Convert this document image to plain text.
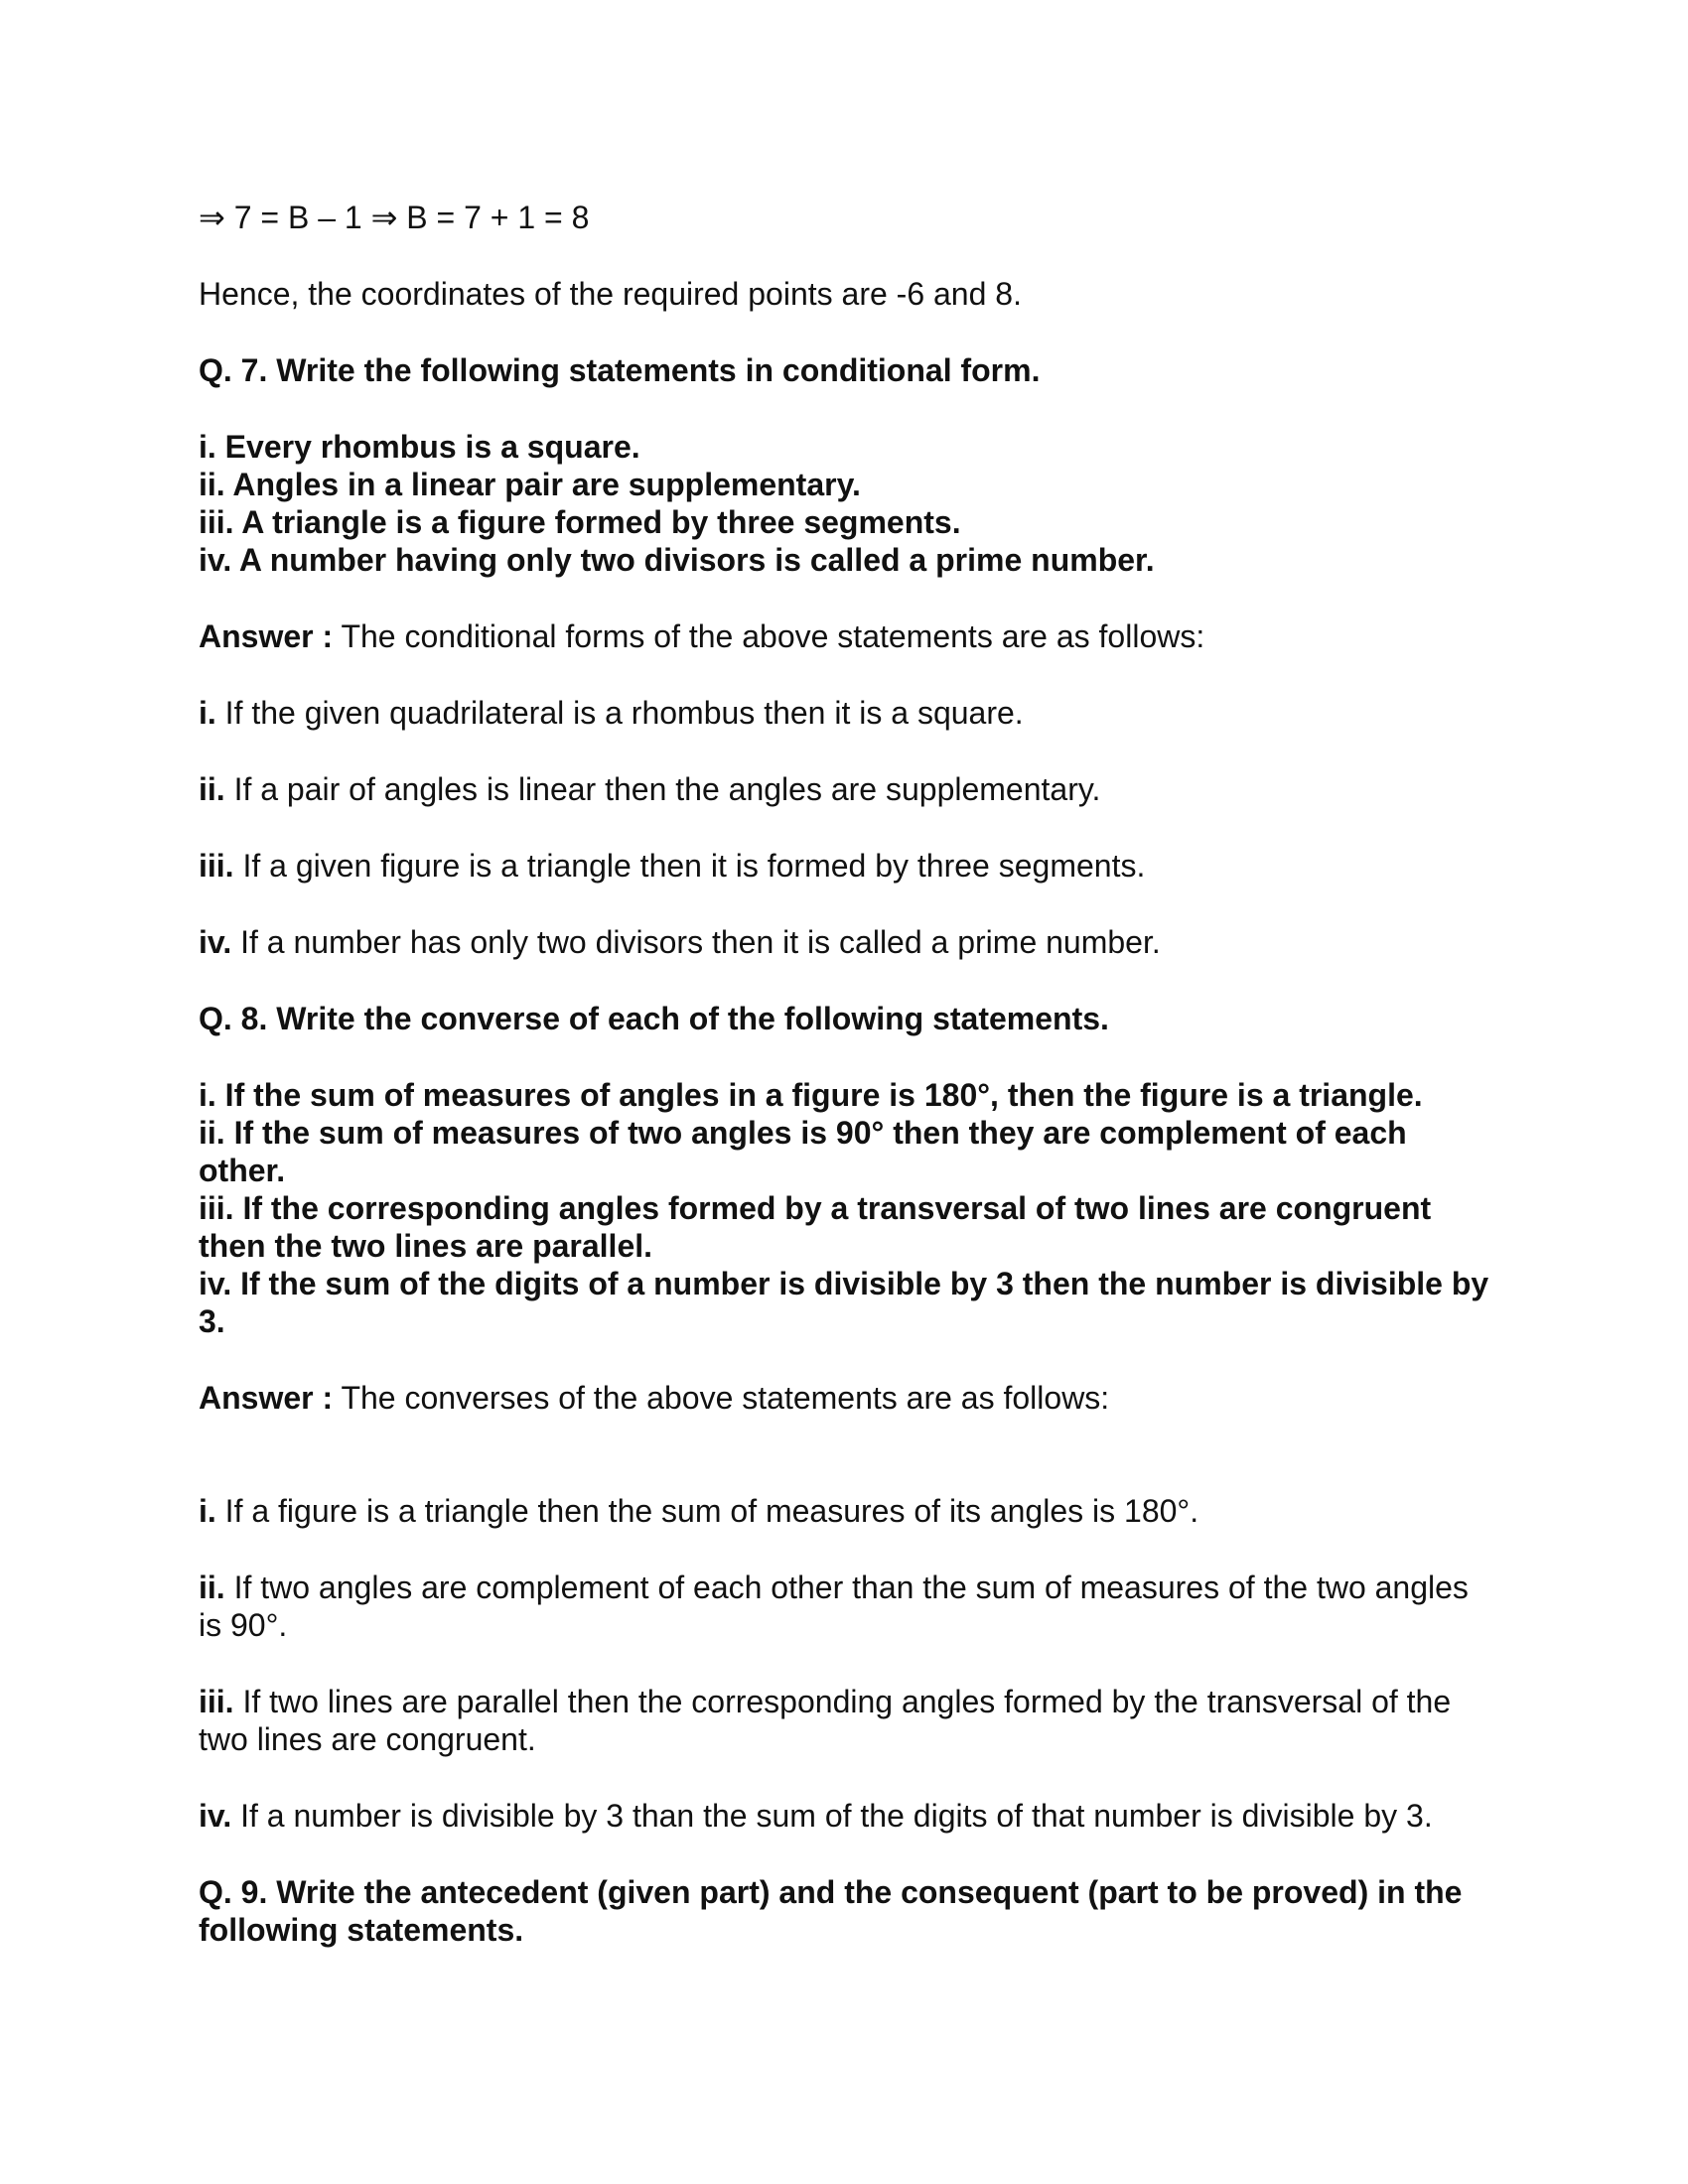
⇒ 7 = B – 1 ⇒ B = 7 + 1 = 8

Hence, the coordinates of the required points are -6 and 8.

Q. 7. Write the following statements in conditional form.

i. Every rhombus is a square.

ii. Angles in a linear pair are supplementary.

iii. A triangle is a figure formed by three segments.

iv. A number having only two divisors is called a prime number.

Answer : The conditional forms of the above statements are as follows:

i. If the given quadrilateral is a rhombus then it is a square.

ii. If a pair of angles is linear then the angles are supplementary.

iii. If a given figure is a triangle then it is formed by three segments.

iv. If a number has only two divisors then it is called a prime number.

Q. 8. Write the converse of each of the following statements.

i. If the sum of measures of angles in a figure is 180°, then the figure is a triangle.

ii. If the sum of measures of two angles is 90° then they are complement of each other.

iii. If the corresponding angles formed by a transversal of two lines are congruent then the two lines are parallel.

iv. If the sum of the digits of a number is divisible by 3 then the number is divisible by 3.

Answer : The converses of the above statements are as follows:

i. If a figure is a triangle then the sum of measures of its angles is 180°.

ii. If two angles are complement of each other than the sum of measures of the two angles is 90°.

iii. If two lines are parallel then the corresponding angles formed by the transversal of the two lines are congruent.

iv. If a number is divisible by 3 than the sum of the digits of that number is divisible by 3.

Q. 9. Write the antecedent (given part) and the consequent (part to be proved) in the following statements.
